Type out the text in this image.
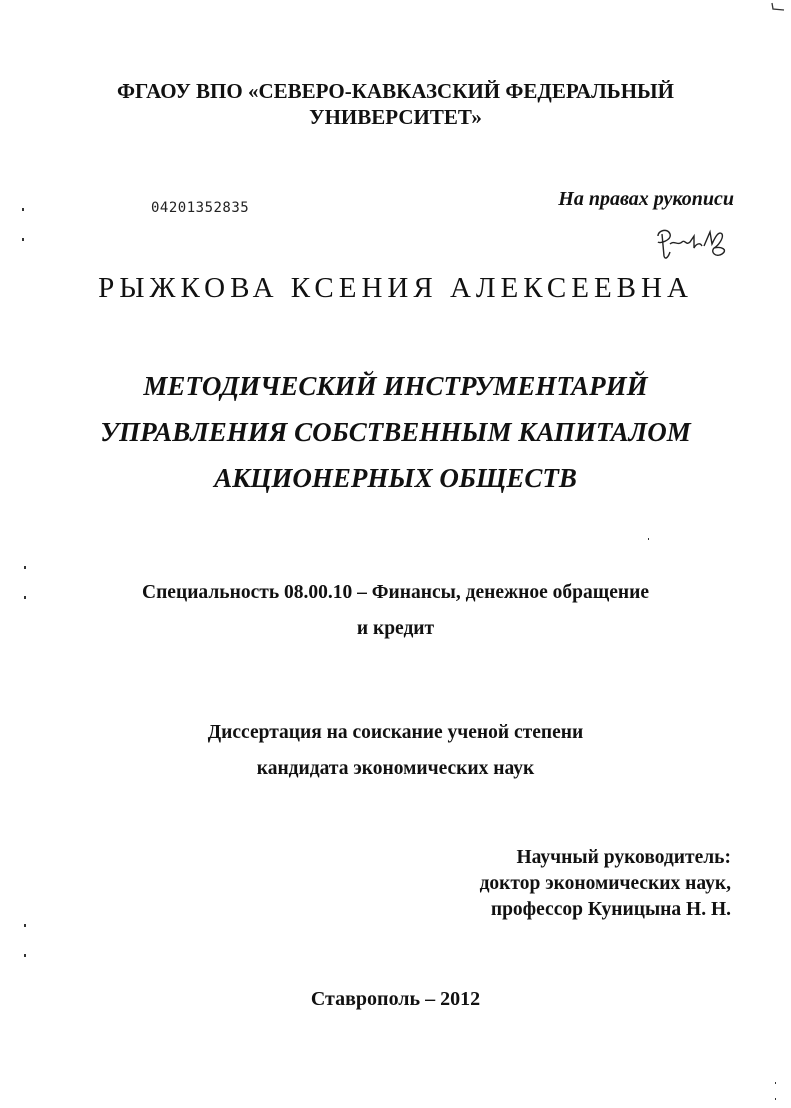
ФГАОУ ВПО «СЕВЕРО-КАВКАЗСКИЙ ФЕДЕРАЛЬНЫЙ
УНИВЕРСИТЕТ»
04201352835	На правах рукописи
РЫЖКОВА КСЕНИЯ АЛЕКСЕЕВНА
МЕТОДИЧЕСКИЙ ИНСТРУМЕНТАРИЙ
УПРАВЛЕНИЯ СОБСТВЕННЫМ КАПИТАЛОМ
АКЦИОНЕРНЫХ ОБЩЕСТВ
Специальность 08.00.10 – Финансы, денежное обращение
и кредит
Диссертация на соискание ученой степени
кандидата экономических наук
Научный руководитель:
доктор экономических наук,
профессор Куницына Н. Н.
Ставрополь – 2012
